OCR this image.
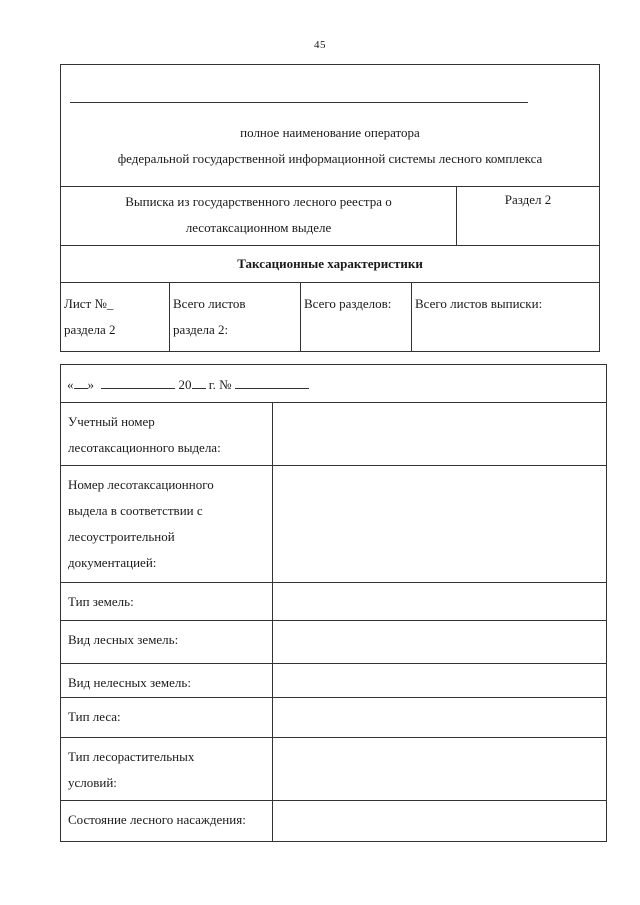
45
полное наименование оператора
федеральной государственной информационной системы лесного комплекса
Выписка из государственного лесного реестра о
лесотаксационном выделе
Раздел 2
Таксационные характеристики
Лист №_
раздела 2
Всего листов
раздела 2:
Всего разделов:	Всего листов выписки:
« »	20 г. №
Учетный номер
лесотаксационного выдела:
Номер лесотаксационного
выдела в соответствии с
лесоустроительной
документацией:
Тип земель:
Вид лесных земель:
Вид нелесных земель:
Тип леса:
Тип лесорастительных
условий:
Состояние лесного насаждения:
